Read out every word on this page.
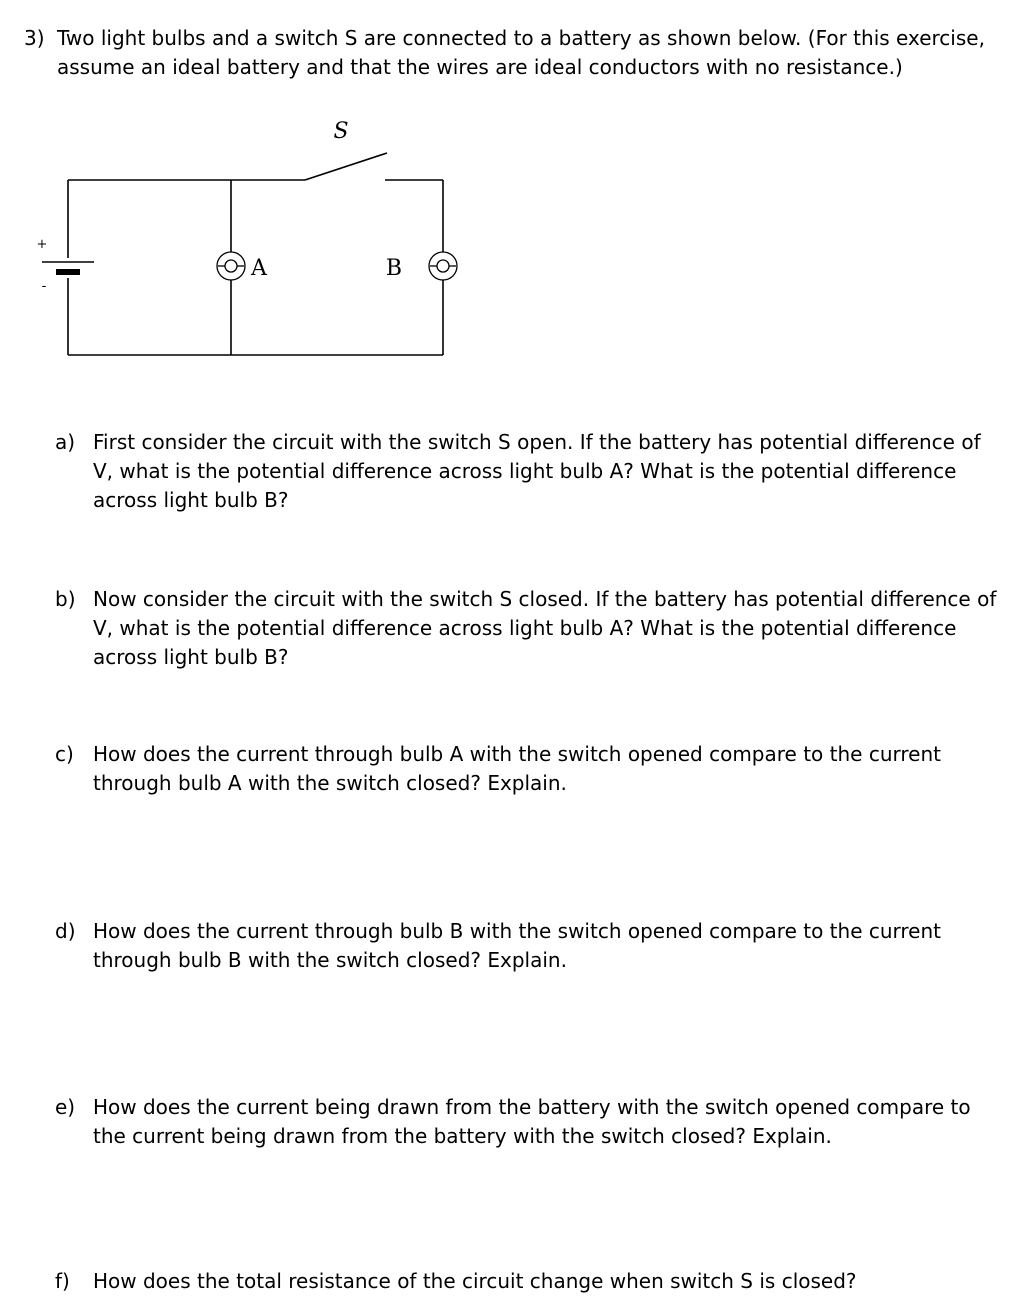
3) Two light bulbs and a switch S are connected to a battery as shown below. (For this exercise, assume an ideal battery and that the wires are ideal conductors with no resistance.)
S
+
-
A	B
a) First consider the circuit with the switch S open. If the battery has potential difference of V, what is the potential difference across light bulb A? What is the potential difference across light bulb B?
b) Now consider the circuit with the switch S closed. If the battery has potential difference of V, what is the potential difference across light bulb A? What is the potential difference across light bulb B?
c) How does the current through bulb A with the switch opened compare to the current through bulb A with the switch closed? Explain.
d) How does the current through bulb B with the switch opened compare to the current through bulb B with the switch closed? Explain.
e) How does the current being drawn from the battery with the switch opened compare to the current being drawn from the battery with the switch closed? Explain.
f)	How does the total resistance of the circuit change when switch S is closed?
